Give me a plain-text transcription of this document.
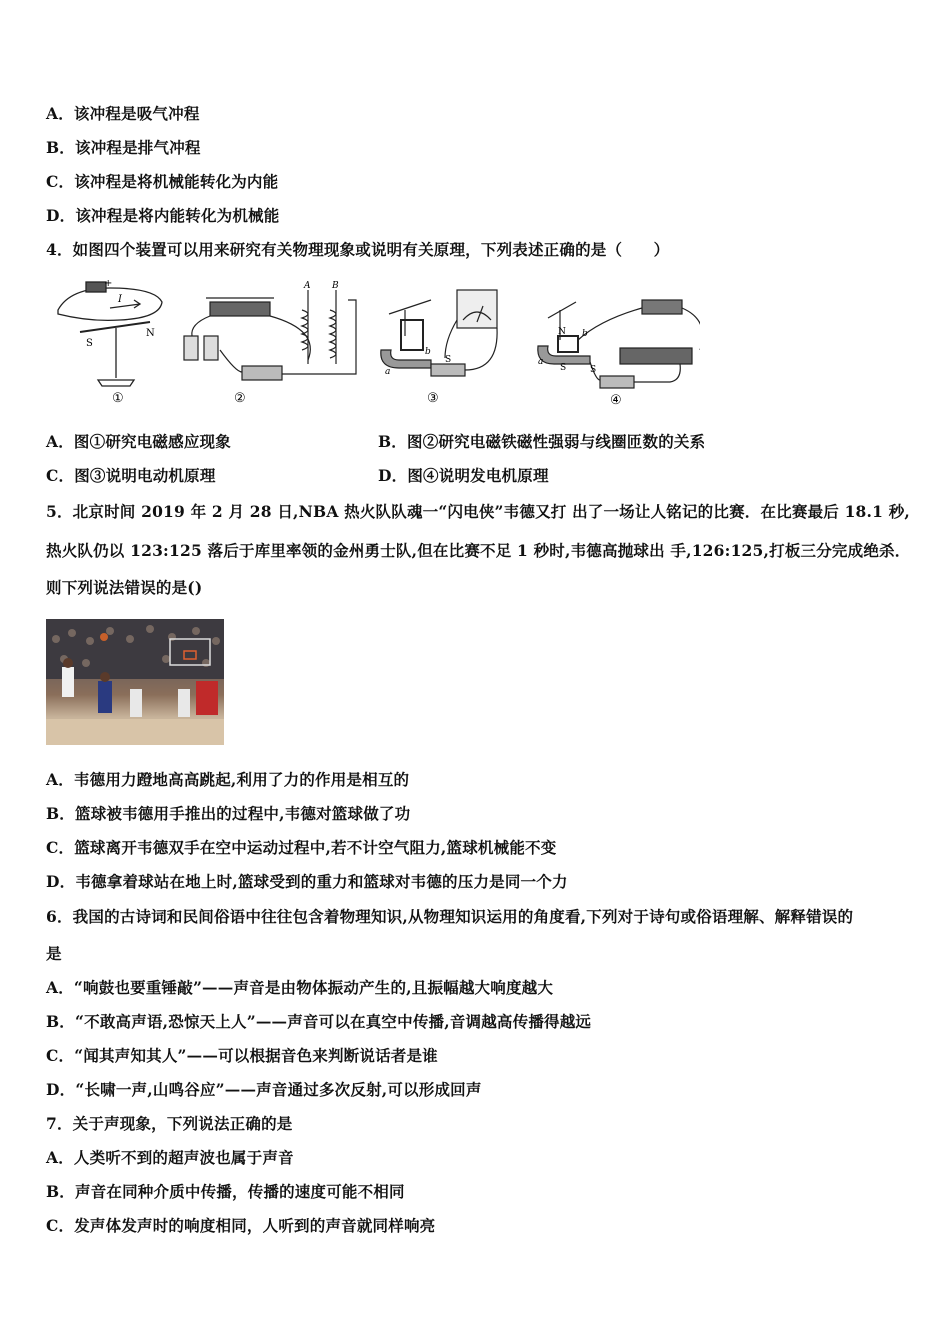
A．该冲程是吸气冲程
B．该冲程是排气冲程
C．该冲程是将机械能转化为内能
D．该冲程是将内能转化为机械能
4．如图四个装置可以用来研究有关物理现象或说明有关原理，下列表述正确的是（　　）
+
I
S
N
①
A B
②
a
b
S
③
N b
a
S	S
④
A．图①研究电磁感应现象	B．图②研究电磁铁磁性强弱与线圈匝数的关系
C．图③说明电动机原理	D．图④说明发电机原理
5．北京时间 2019 年 2 月 28 日,NBA 热火队队魂一“闪电侠”韦德又打 出了一场让人铭记的比赛．在比赛最后 18.1 秒,
热火队仍以 123:125 落后于库里率领的金州勇士队,但在比赛不足 1 秒时,韦德高抛球出 手,126:125,打板三分完成绝杀．
则下列说法错误的是()
A．韦德用力蹬地高高跳起,利用了力的作用是相互的
B．篮球被韦德用手推出的过程中,韦德对篮球做了功
C．篮球离开韦德双手在空中运动过程中,若不计空气阻力,篮球机械能不变
D．韦德拿着球站在地上时,篮球受到的重力和篮球对韦德的压力是同一个力
6．我国的古诗词和民间俗语中往往包含着物理知识,从物理知识运用的角度看,下列对于诗句或俗语理解、解释错误的
是
A．“响鼓也要重锤敲”——声音是由物体振动产生的,且振幅越大响度越大
B．“不敢高声语,恐惊天上人”——声音可以在真空中传播,音调越高传播得越远
C．“闻其声知其人”——可以根据音色来判断说话者是谁
D．“长啸一声,山鸣谷应”——声音通过多次反射,可以形成回声
7．关于声现象，下列说法正确的是
A．人类听不到的超声波也属于声音
B．声音在同种介质中传播，传播的速度可能不相同
C．发声体发声时的响度相同，人听到的声音就同样响亮
